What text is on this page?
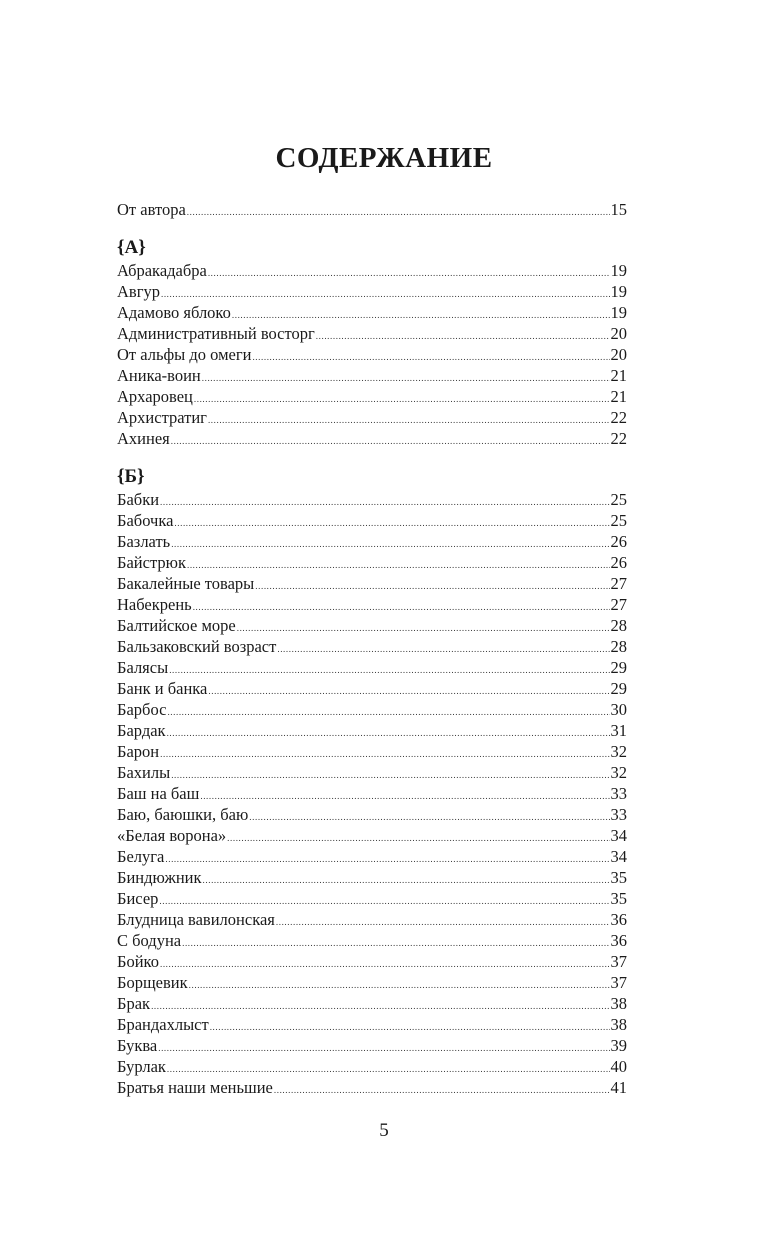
СОДЕРЖАНИЕ
От автора .....	15
{А}
Абракадабра .....	19
Авгур .....	19
Адамово яблоко .....	19
Административный восторг .....	20
От альфы до омеги .....	20
Аника-воин .....	21
Архаровец .....	21
Архистратиг .....	22
Ахинея .....	22
{Б}
Бабки .....	25
Бабочка .....	25
Базлать .....	26
Байстрюк .....	26
Бакалейные товары .....	27
Набекрень .....	27
Балтийское море .....	28
Бальзаковский возраст .....	28
Балясы .....	29
Банк и банка .....	29
Барбос .....	30
Бардак .....	31
Барон .....	32
Бахилы .....	32
Баш на баш .....	33
Баю, баюшки, баю .....	33
«Белая ворона» .....	34
Белуга .....	34
Биндюжник .....	35
Бисер .....	35
Блудница вавилонская .....	36
С бодуна .....	36
Бойко .....	37
Борщевик .....	37
Брак .....	38
Брандахлыст .....	38
Буква .....	39
Бурлак .....	40
Братья наши меньшие .....	41
5
